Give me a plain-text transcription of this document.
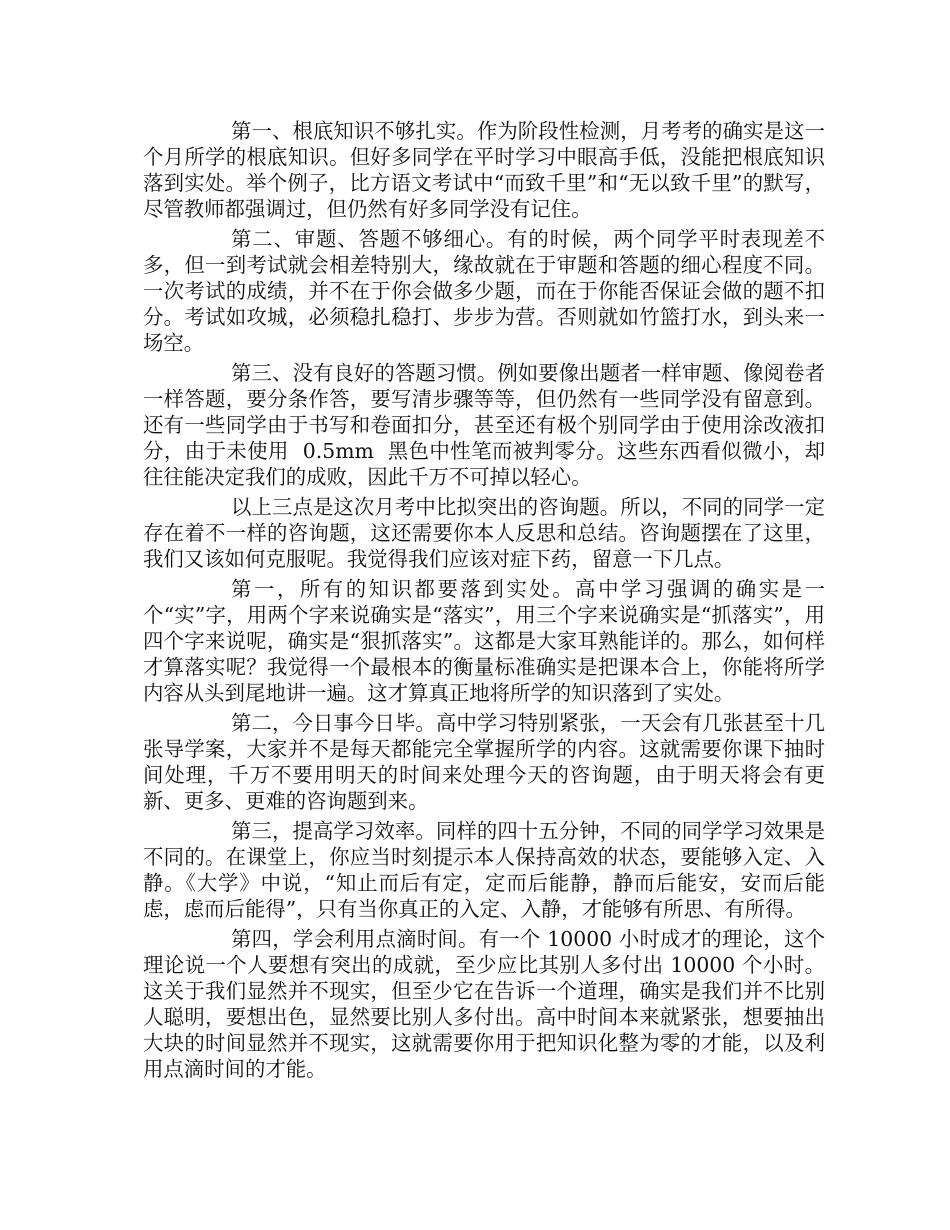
第一、根底知识不够扎实。作为阶段性检测，月考考的确实是这一个月所学的根底知识。但好多同学在平时学习中眼高手低，没能把根底知识落到实处。举个例子，比方语文考试中“而致千里”和“无以致千里”的默写，尽管教师都强调过，但仍然有好多同学没有记住。

第二、审题、答题不够细心。有的时候，两个同学平时表现差不多，但一到考试就会相差特别大，缘故就在于审题和答题的细心程度不同。一次考试的成绩，并不在于你会做多少题，而在于你能否保证会做的题不扣分。考试如攻城，必须稳扎稳打、步步为营。否则就如竹篮打水，到头来一场空。

第三、没有良好的答题习惯。例如要像出题者一样审题、像阅卷者一样答题，要分条作答，要写清步骤等等，但仍然有一些同学没有留意到。还有一些同学由于书写和卷面扣分，甚至还有极个别同学由于使用涂改液扣分，由于未使用  0.5mm  黑色中性笔而被判零分。这些东西看似微小，却往往能决定我们的成败，因此千万不可掉以轻心。

以上三点是这次月考中比拟突出的咨询题。所以，不同的同学一定存在着不一样的咨询题，这还需要你本人反思和总结。咨询题摆在了这里，我们又该如何克服呢。我觉得我们应该对症下药，留意一下几点。

第一，所有的知识都要落到实处。高中学习强调的确实是一个“实”字，用两个字来说确实是“落实”，用三个字来说确实是“抓落实”，用四个字来说呢，确实是“狠抓落实”。这都是大家耳熟能详的。那么，如何样才算落实呢？我觉得一个最根本的衡量标准确实是把课本合上，你能将所学内容从头到尾地讲一遍。这才算真正地将所学的知识落到了实处。

第二，今日事今日毕。高中学习特别紧张，一天会有几张甚至十几张导学案，大家并不是每天都能完全掌握所学的内容。这就需要你课下抽时间处理，千万不要用明天的时间来处理今天的咨询题，由于明天将会有更新、更多、更难的咨询题到来。

第三，提高学习效率。同样的四十五分钟，不同的同学学习效果是不同的。在课堂上，你应当时刻提示本人保持高效的状态，要能够入定、入静。《大学》中说，“知止而后有定，定而后能静，静而后能安，安而后能虑，虑而后能得”，只有当你真正的入定、入静，才能够有所思、有所得。

第四，学会利用点滴时间。有一个 10000 小时成才的理论，这个理论说一个人要想有突出的成就，至少应比其别人多付出 10000 个小时。这关于我们显然并不现实，但至少它在告诉一个道理，确实是我们并不比别人聪明，要想出色，显然要比别人多付出。高中时间本来就紧张，想要抽出大块的时间显然并不现实，这就需要你用于把知识化整为零的才能，以及利用点滴时间的才能。
